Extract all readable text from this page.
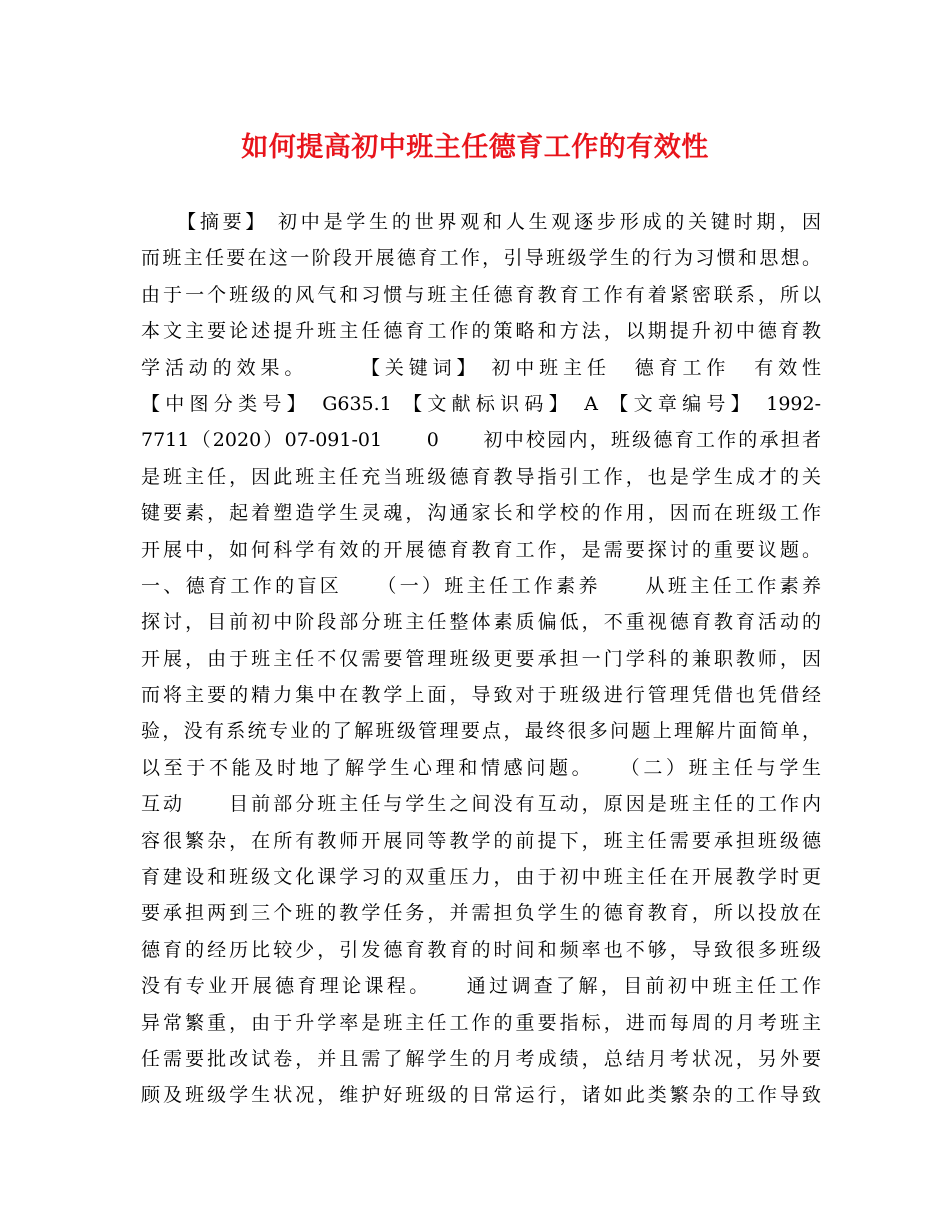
如何提高初中班主任德育工作的有效性
　　【摘要】 初中是学生的世界观和人生观逐步形成的关键时期，因
而班主任要在这一阶段开展德育工作，引导班级学生的行为习惯和思想。
由于一个班级的风气和习惯与班主任德育教育工作有着紧密联系，所以
本文主要论述提升班主任德育工作的策略和方法，以期提升初中德育教
学活动的效果。　　　【关键词】 初中班主任　德育工作　有效性
【中图分类号】 G635.1 【文献标识码】 A 【文章编号】 1992-
7711（2020）07-091-01　　0　　初中校园内，班级德育工作的承担者
是班主任，因此班主任充当班级德育教导指引工作，也是学生成才的关
键要素，起着塑造学生灵魂，沟通家长和学校的作用，因而在班级工作
开展中，如何科学有效的开展德育教育工作，是需要探讨的重要议题。
一、德育工作的盲区　　（一）班主任工作素养　　从班主任工作素养
探讨，目前初中阶段部分班主任整体素质偏低，不重视德育教育活动的
开展，由于班主任不仅需要管理班级更要承担一门学科的兼职教师，因
而将主要的精力集中在教学上面，导致对于班级进行管理凭借也凭借经
验，没有系统专业的了解班级管理要点，最终很多问题上理解片面简单，
以至于不能及时地了解学生心理和情感问题。　　（二）班主任与学生
互动　　目前部分班主任与学生之间没有互动，原因是班主任的工作内
容很繁杂，在所有教师开展同等教学的前提下，班主任需要承担班级德
育建设和班级文化课学习的双重压力，由于初中班主任在开展教学时更
要承担两到三个班的教学任务，并需担负学生的德育教育，所以投放在
德育的经历比较少，引发德育教育的时间和频率也不够，导致很多班级
没有专业开展德育理论课程。　　通过调查了解，目前初中班主任工作
异常繁重，由于升学率是班主任工作的重要指标，进而每周的月考班主
任需要批改试卷，并且需了解学生的月考成绩，总结月考状况，另外要
顾及班级学生状况，维护好班级的日常运行，诸如此类繁杂的工作导致
